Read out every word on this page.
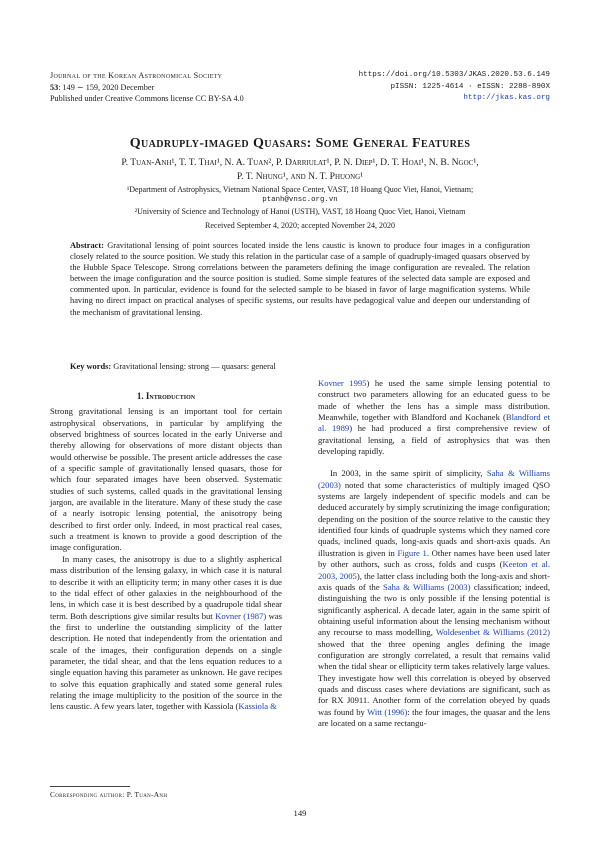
Journal of the Korean Astronomical Society
53: 149 ∼ 159, 2020 December
Published under Creative Commons license CC BY-SA 4.0
https://doi.org/10.5303/JKAS.2020.53.6.149
pISSN: 1225-4614 · eISSN: 2288-890X
http://jkas.kas.org
Quadruply-imaged Quasars: Some General Features
P. Tuan-Anh¹, T. T. Thai¹, N. A. Tuan², P. Darriulat¹, P. N. Diep¹, D. T. Hoai¹, N. B. Ngoc¹,
P. T. Nhung¹, and N. T. Phuong¹
¹Department of Astrophysics, Vietnam National Space Center, VAST, 18 Hoang Quoc Viet, Hanoi, Vietnam;
ptanh@vnsc.org.vn
²University of Science and Technology of Hanoi (USTH), VAST, 18 Hoang Quoc Viet, Hanoi, Vietnam
Received September 4, 2020; accepted November 24, 2020
Abstract: Gravitational lensing of point sources located inside the lens caustic is known to produce four images in a configuration closely related to the source position. We study this relation in the particular case of a sample of quadruply-imaged quasars observed by the Hubble Space Telescope. Strong correlations between the parameters defining the image configuration are revealed. The relation between the image configuration and the source position is studied. Some simple features of the selected data sample are exposed and commented upon. In particular, evidence is found for the selected sample to be biased in favor of large magnification systems. While having no direct impact on practical analyses of specific systems, our results have pedagogical value and deepen our understanding of the mechanism of gravitational lensing.
Key words: Gravitational lensing: strong — quasars: general
1. Introduction

Strong gravitational lensing is an important tool for certain astrophysical observations, in particular by amplifying the observed brightness of sources located in the early Universe and thereby allowing for observations of more distant objects than would otherwise be possible. The present article addresses the case of a specific sample of gravitationally lensed quasars, those for which four separated images have been observed. Systematic studies of such systems, called quads in the gravitational lensing jargon, are available in the literature. Many of these study the case of a nearly isotropic lensing potential, the anisotropy being described to first order only. Indeed, in most practical real cases, such a treatment is known to provide a good description of the image configuration.

In many cases, the anisotropy is due to a slightly aspherical mass distribution of the lensing galaxy, in which case it is natural to describe it with an ellipticity term; in many other cases it is due to the tidal effect of other galaxies in the neighbourhood of the lens, in which case it is best described by a quadrupole tidal shear term. Both descriptions give similar results but Kovner (1987) was the first to underline the outstanding simplicity of the latter description. He noted that independently from the orientation and scale of the images, their configuration depends on a single parameter, the tidal shear, and that the lens equation reduces to a single equation having this parameter as unknown. He gave recipes to solve this equation graphically and stated some general rules relating the image multiplicity to the position of the source in the lens caustic. A few years later, together with Kassiola (Kassiola &

Kovner 1995) he used the same simple lensing potential to construct two parameters allowing for an educated guess to be made of whether the lens has a simple mass distribution. Meanwhile, together with Blandford and Kochanek (Blandford et al. 1989) he had produced a first comprehensive review of gravitational lensing, a field of astrophysics that was then developing rapidly.

In 2003, in the same spirit of simplicity, Saha & Williams (2003) noted that some characteristics of multiply imaged QSO systems are largely independent of specific models and can be deduced accurately by simply scrutinizing the image configuration; depending on the position of the source relative to the caustic they identified four kinds of quadruple systems which they named core quads, inclined quads, long-axis quads and short-axis quads. An illustration is given in Figure 1. Other names have been used later by other authors, such as cross, folds and cusps (Keeton et al. 2003, 2005), the latter class including both the long-axis and short-axis quads of the Saha & Williams (2003) classification; indeed, distinguishing the two is only possible if the lensing potential is significantly aspherical. A decade later, again in the same spirit of obtaining useful information about the lensing mechanism without any recourse to mass modelling, Woldesenbet & Williams (2012) showed that the three opening angles defining the image configuration are strongly correlated, a result that remains valid when the tidal shear or ellipticity term takes relatively large values. They investigate how well this correlation is obeyed by observed quads and discuss cases where deviations are significant, such as for RX J0911. Another form of the correlation obeyed by quads was found by Witt (1996): the four images, the quasar and the lens are located on a same rectangu-

Corresponding author: P. Tuan-Anh
149
